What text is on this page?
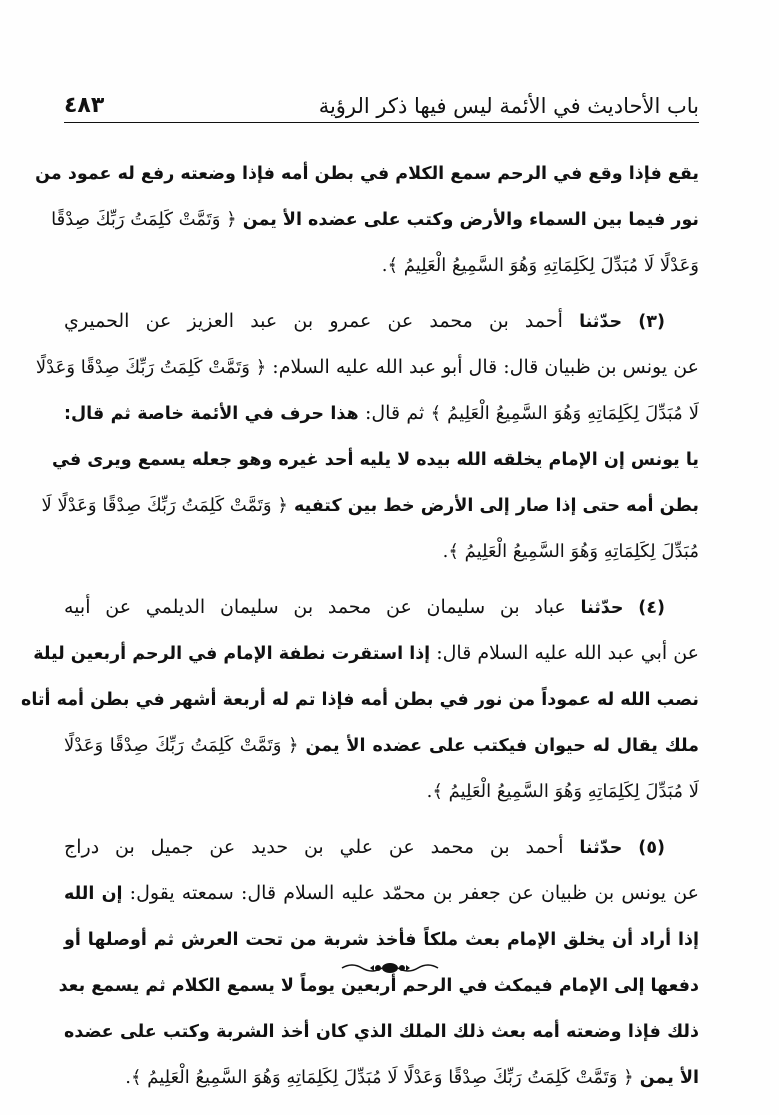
٤٨٣	باب الأحاديث في الأئمة ليس فيها ذكر الرؤية
يقع فإذا وقع في الرحم سمع الكلام في بطن أمه فإذا وضعته رفع له عمود من
نور فيما بين السماء والأرض وكتب على عضده الأ يمن ﴿ وَتَمَّتْ كَلِمَتُ رَبِّكَ صِدْقًا
وَعَدْلًا لَا مُبَدِّلَ لِكَلِمَاتِهِ وَهُوَ السَّمِيعُ الْعَلِيمُ ﴾.
(٣) حدّثنا أحمد بن محمد عن عمرو بن عبد العزيز عن الحميري
عن يونس بن ظبيان قال: قال أبو عبد الله عليه السلام: ﴿ وَتَمَّتْ كَلِمَتُ رَبِّكَ صِدْقًا وَعَدْلًا
لَا مُبَدِّلَ لِكَلِمَاتِهِ وَهُوَ السَّمِيعُ الْعَلِيمُ ﴾ ثم قال: هذا حرف في الأئمة خاصة ثم قال:
يا يونس إن الإمام يخلقه الله بيده لا يليه أحد غيره وهو جعله يسمع ويرى في
بطن أمه حتى إذا صار إلى الأرض خط بين كتفيه ﴿ وَتَمَّتْ كَلِمَتُ رَبِّكَ صِدْقًا وَعَدْلًا لَا
مُبَدِّلَ لِكَلِمَاتِهِ وَهُوَ السَّمِيعُ الْعَلِيمُ ﴾.
(٤) حدّثنا عباد بن سليمان عن محمد بن سليمان الديلمي عن أبيه
عن أبي عبد الله عليه السلام قال: إذا استقرت نطفة الإمام في الرحم أربعين ليلة
نصب الله له عموداً من نور في بطن أمه فإذا تم له أربعة أشهر في بطن أمه أتاه
ملك يقال له حيوان فيكتب على عضده الأ يمن ﴿ وَتَمَّتْ كَلِمَتُ رَبِّكَ صِدْقًا وَعَدْلًا
لَا مُبَدِّلَ لِكَلِمَاتِهِ وَهُوَ السَّمِيعُ الْعَلِيمُ ﴾.
(٥) حدّثنا أحمد بن محمد عن علي بن حديد عن جميل بن دراج
عن يونس بن ظبيان عن جعفر بن محمّد عليه السلام قال: سمعته يقول: إن الله
إذا أراد أن يخلق الإمام بعث ملكاً فأخذ شربة من تحت العرش ثم أوصلها أو
دفعها إلى الإمام فيمكث في الرحم أربعين يوماً لا يسمع الكلام ثم يسمع بعد
ذلك فإذا وضعته أمه بعث ذلك الملك الذي كان أخذ الشربة وكتب على عضده
الأ يمن ﴿ وَتَمَّتْ كَلِمَتُ رَبِّكَ صِدْقًا وَعَدْلًا لَا مُبَدِّلَ لِكَلِمَاتِهِ وَهُوَ السَّمِيعُ الْعَلِيمُ ﴾.
